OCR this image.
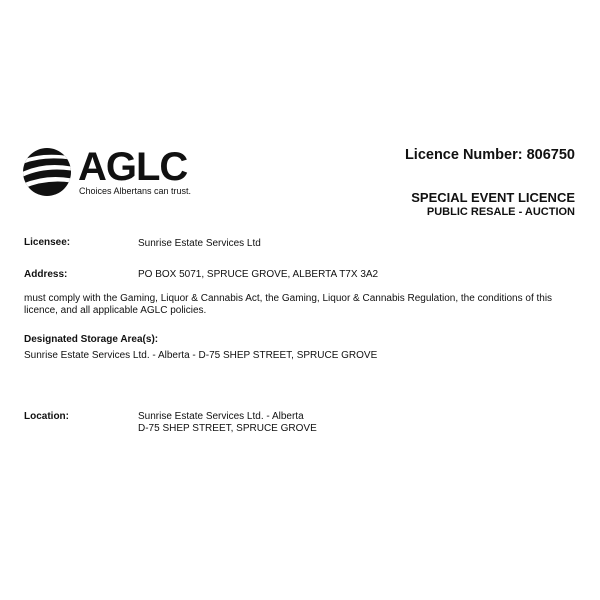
AGLC
Choices Albertans can trust.
Licence Number: 806750
SPECIAL EVENT LICENCE
PUBLIC RESALE - AUCTION
Licensee:	Sunrise Estate Services Ltd
Address:	PO BOX 5071, SPRUCE GROVE, ALBERTA T7X 3A2
must comply with the Gaming, Liquor & Cannabis Act, the Gaming, Liquor & Cannabis Regulation, the conditions of this licence, and all applicable AGLC policies.
Designated Storage Area(s):
Sunrise Estate Services Ltd. - Alberta - D-75 SHEP STREET, SPRUCE GROVE
Location:	Sunrise Estate Services Ltd. - Alberta
D-75 SHEP STREET, SPRUCE GROVE
